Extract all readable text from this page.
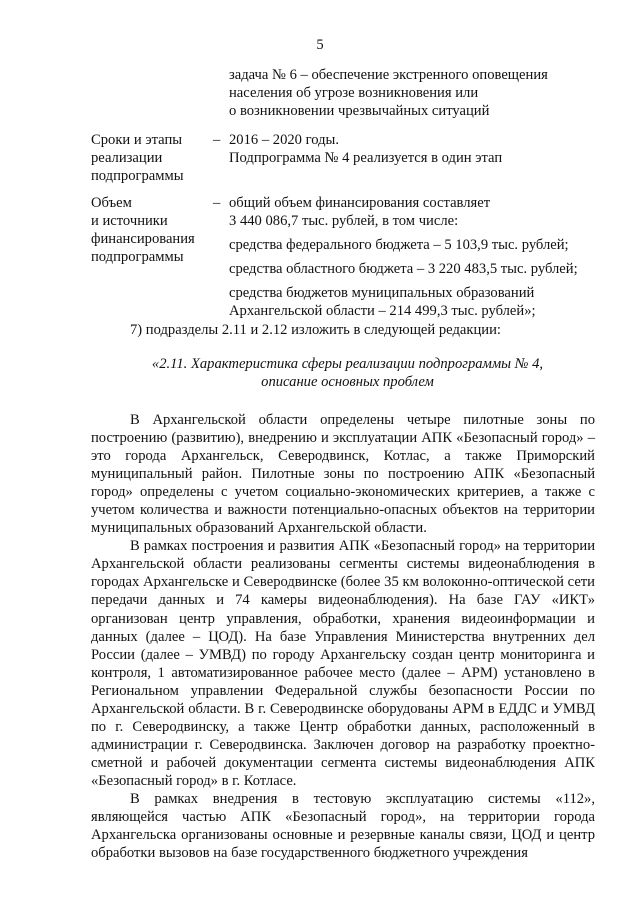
5

задача № 6 – обеспечение экстренного оповещения

населения об угрозе возникновения или

о возникновении чрезвычайных ситуаций

Сроки и этапы

реализации

подпрограммы

– 2016 – 2020 годы.

Подпрограмма № 4 реализуется в один этап

Объем

и источники

финансирования

подпрограммы

– общий объем финансирования составляет

3 440 086,7 тыс. рублей, в том числе:

средства федерального бюджета – 5 103,9 тыс. рублей;

средства областного бюджета – 3 220 483,5 тыс. рублей;

средства бюджетов муниципальных образований

Архангельской области – 214 499,3 тыс. рублей»;

7) подразделы 2.11 и 2.12 изложить в следующей редакции:

«2.11. Характеристика сферы реализации подпрограммы № 4,

описание основных проблем

В Архангельской области определены четыре пилотные зоны по построению (развитию), внедрению и эксплуатации АПК «Безопасный город» – это города Архангельск, Северодвинск, Котлас, а также Приморский муниципальный район. Пилотные зоны по построению АПК «Безопасный город» определены с учетом социально-экономических критериев, а также с учетом количества и важности потенциально-опасных объектов на территории муниципальных образований Архангельской области.

В рамках построения и развития АПК «Безопасный город» на территории Архангельской области реализованы сегменты системы видеонаблюдения в городах Архангельске и Северодвинске (более 35 км волоконно-оптической сети передачи данных и 74 камеры видеонаблюдения). На базе ГАУ «ИКТ» организован центр управления, обработки, хранения видеоинформации и данных (далее – ЦОД). На базе Управления Министерства внутренних дел России (далее – УМВД) по городу Архангельску создан центр мониторинга и контроля, 1 автоматизированное рабочее место (далее – АРМ) установлено в Региональном управлении Федеральной службы безопасности России по Архангельской области. В г. Северодвинске оборудованы АРМ в ЕДДС и УМВД по г. Северодвинску, а также Центр обработки данных, расположенный в администрации г. Северодвинска. Заключен договор на разработку проектно-сметной и рабочей документации сегмента системы видеонаблюдения АПК «Безопасный город» в г. Котласе.

В рамках внедрения в тестовую эксплуатацию системы «112», являющейся частью АПК «Безопасный город», на территории города Архангельска организованы основные и резервные каналы связи, ЦОД и центр обработки вызовов на базе государственного бюджетного учреждения
